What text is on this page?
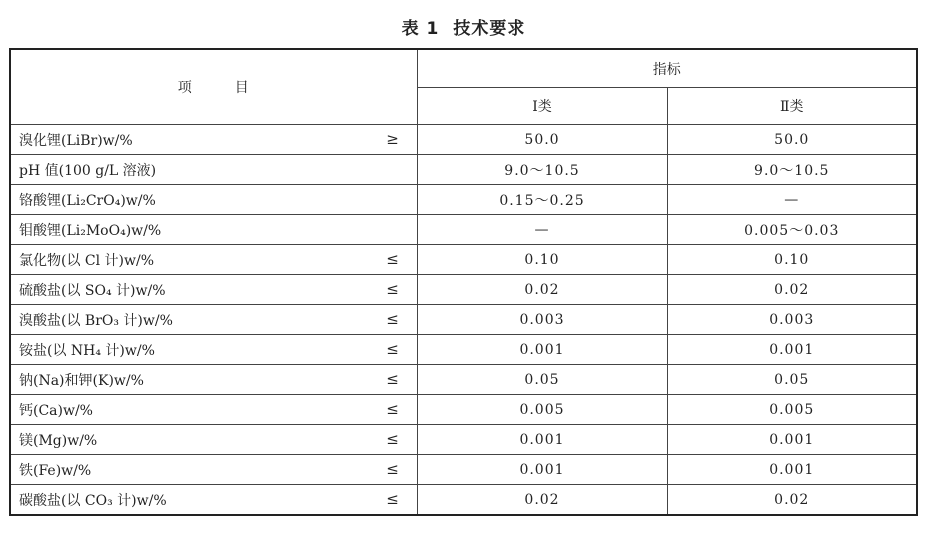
表 1 技术要求
项 目	指标	
	Ⅰ类	Ⅱ类

溴化锂(LiBr)w/% ≥	50.0	50.0

pH 值(100 g/L 溶液)	9.0～10.5	9.0～10.5

铬酸锂(Li₂CrO₄)w/%	0.15～0.25	—

钼酸锂(Li₂MoO₄)w/%	—	0.005～0.03

氯化物(以 Cl 计)w/% ≤	0.10	0.10

硫酸盐(以 SO₄ 计)w/% ≤	0.02	0.02

溴酸盐(以 BrO₃ 计)w/% ≤	0.003	0.003

铵盐(以 NH₄ 计)w/% ≤	0.001	0.001

钠(Na)和钾(K)w/% ≤	0.05	0.05

钙(Ca)w/% ≤	0.005	0.005

镁(Mg)w/% ≤	0.001	0.001

铁(Fe)w/% ≤	0.001	0.001

碳酸盐(以 CO₃ 计)w/% ≤	0.02	0.02
